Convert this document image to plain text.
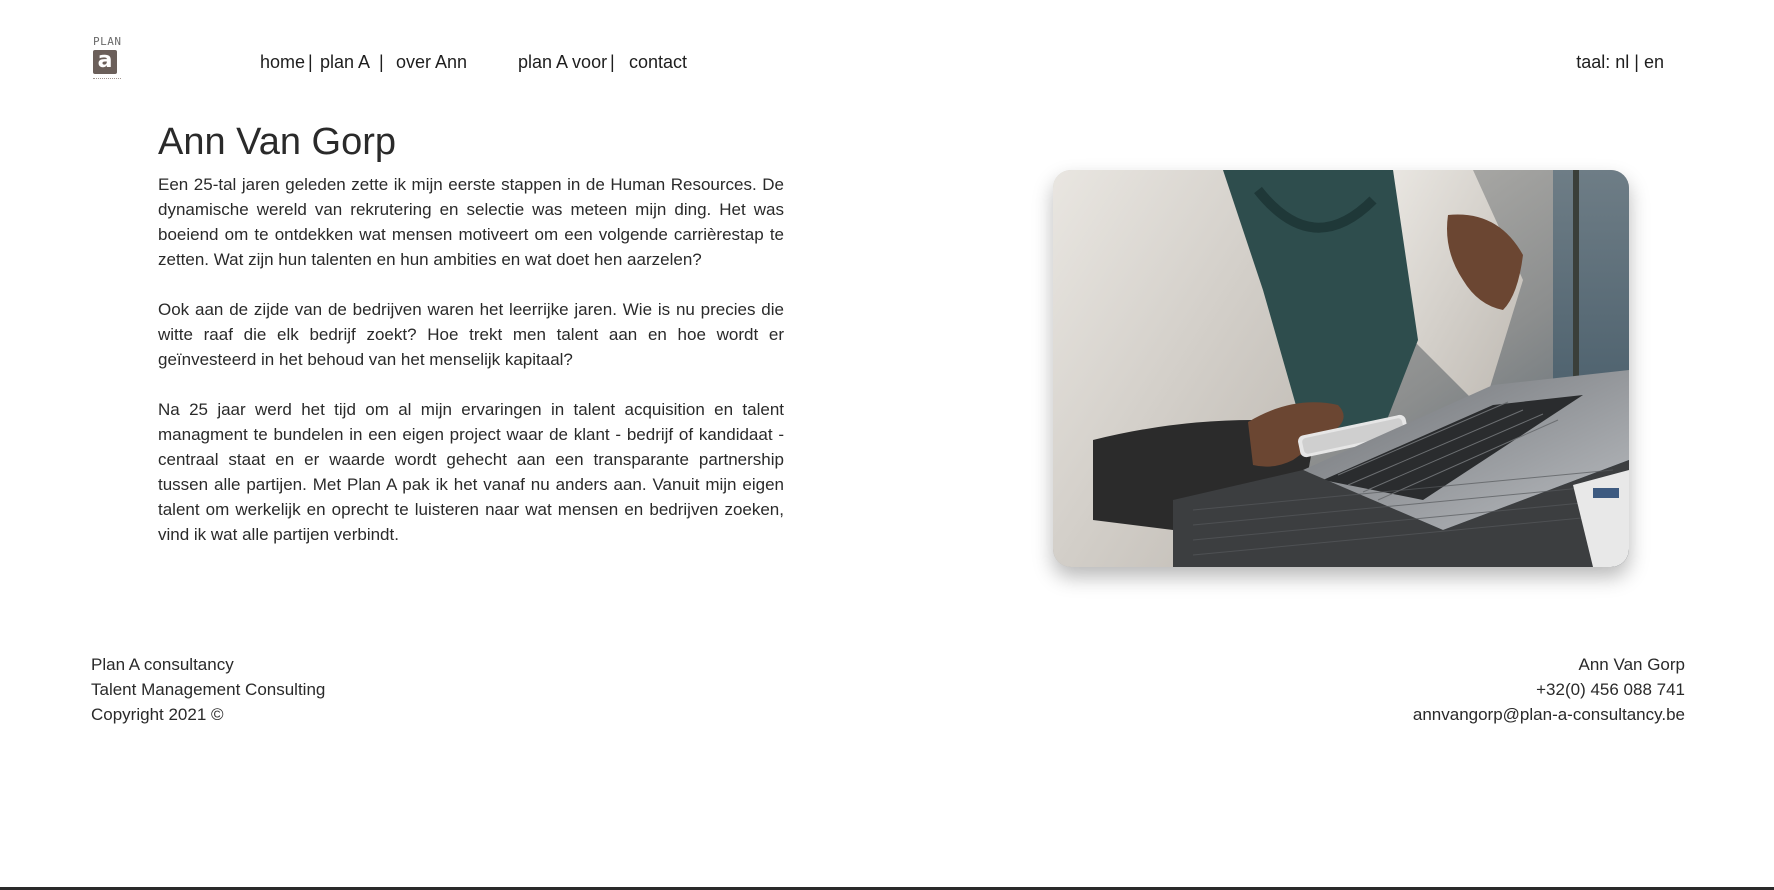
PLAN
a	home | plan A | over Ann	plan A voor | contact	taal: nl | en
Ann Van Gorp

Een 25-tal jaren geleden zette ik mijn eerste stappen in de Human Resources. De dynamische wereld van rekrutering en selectie was meteen mijn ding. Het was boeiend om te ontdekken wat mensen motiveert om een volgende carrièrestap te zetten. Wat zijn hun talenten en hun ambities en wat doet hen aarzelen?

Ook aan de zijde van de bedrijven waren het leerrijke jaren. Wie is nu precies die witte raaf die elk bedrijf zoekt? Hoe trekt men talent aan en hoe wordt er geïnvesteerd in het behoud van het menselijk kapitaal?

Na 25 jaar werd het tijd om al mijn ervaringen in talent acquisition en talent managment te bundelen in een eigen project waar de klant - bedrijf of kandidaat - centraal staat en er waarde wordt gehecht aan een transparante partnership tussen alle partijen. Met Plan A pak ik het vanaf nu anders aan. Vanuit mijn eigen talent om werkelijk en oprecht te luisteren naar wat mensen en bedrijven zoeken, vind ik wat alle partijen verbindt.

Plan A consultancy
Talent Management Consulting
Copyright 2021 ©
Ann Van Gorp
+32(0) 456 088 741
annvangorp@plan-a-consultancy.be
